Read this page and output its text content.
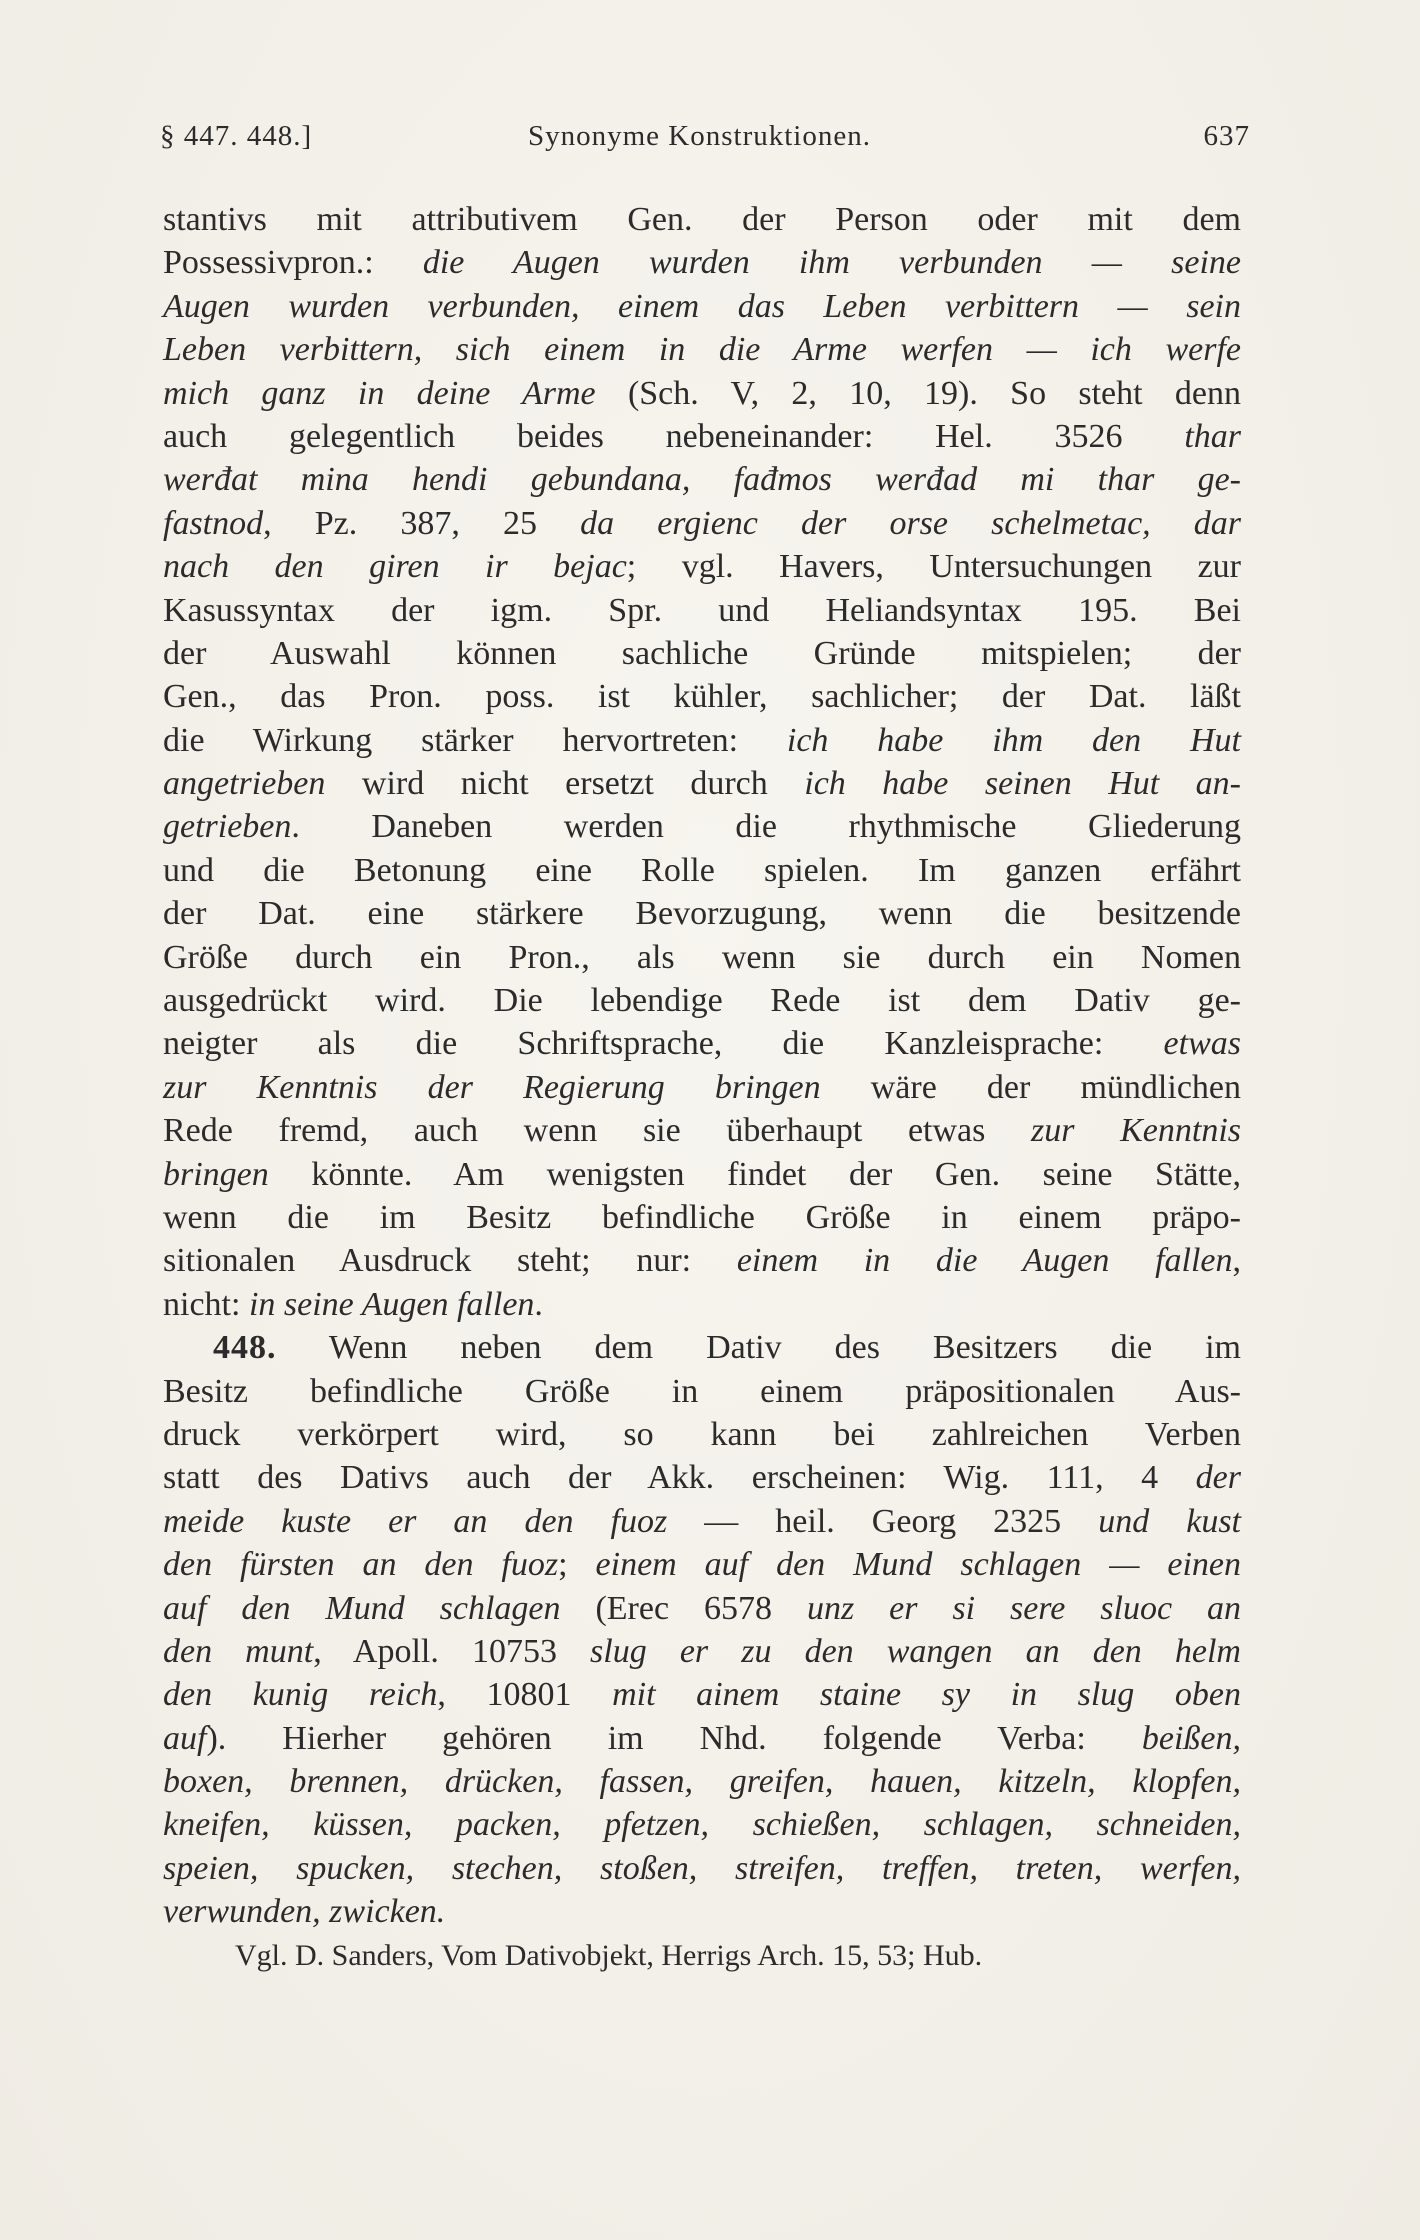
§ 447. 448.]	Synonyme Konstruktionen.	637
stantivs mit attributivem Gen. der Person oder mit dem
Possessivpron.: die Augen wurden ihm verbunden — seine
Augen wurden verbunden, einem das Leben verbittern — sein
Leben verbittern, sich einem in die Arme werfen — ich werfe
mich ganz in deine Arme (Sch. V, 2, 10, 19). So steht denn
auch gelegentlich beides nebeneinander: Hel. 3526 thar
werđat mina hendi gebundana, fađmos werđad mi thar ge-
fastnod, Pz. 387, 25 da ergienc der orse schelmetac, dar
nach den giren ir bejac; vgl. Havers, Untersuchungen zur
Kasussyntax der igm. Spr. und Heliandsyntax 195. Bei
der Auswahl können sachliche Gründe mitspielen; der
Gen., das Pron. poss. ist kühler, sachlicher; der Dat. läßt
die Wirkung stärker hervortreten: ich habe ihm den Hut
angetrieben wird nicht ersetzt durch ich habe seinen Hut an-
getrieben. Daneben werden die rhythmische Gliederung
und die Betonung eine Rolle spielen. Im ganzen erfährt
der Dat. eine stärkere Bevorzugung, wenn die besitzende
Größe durch ein Pron., als wenn sie durch ein Nomen
ausgedrückt wird. Die lebendige Rede ist dem Dativ ge-
neigter als die Schriftsprache, die Kanzleisprache: etwas
zur Kenntnis der Regierung bringen wäre der mündlichen
Rede fremd, auch wenn sie überhaupt etwas zur Kenntnis
bringen könnte. Am wenigsten findet der Gen. seine Stätte,
wenn die im Besitz befindliche Größe in einem präpo-
sitionalen Ausdruck steht; nur: einem in die Augen fallen,
nicht: in seine Augen fallen.
448. Wenn neben dem Dativ des Besitzers die im
Besitz befindliche Größe in einem präpositionalen Aus-
druck verkörpert wird, so kann bei zahlreichen Verben
statt des Dativs auch der Akk. erscheinen: Wig. 111, 4 der
meide kuste er an den fuoz — heil. Georg 2325 und kust
den fürsten an den fuoz; einem auf den Mund schlagen — einen
auf den Mund schlagen (Erec 6578 unz er si sere sluoc an
den munt, Apoll. 10753 slug er zu den wangen an den helm
den kunig reich, 10801 mit ainem staine sy in slug oben
auf). Hierher gehören im Nhd. folgende Verba: beißen,
boxen, brennen, drücken, fassen, greifen, hauen, kitzeln, klopfen,
kneifen, küssen, packen, pfetzen, schießen, schlagen, schneiden,
speien, spucken, stechen, stoßen, streifen, treffen, treten, werfen,
verwunden, zwicken.
Vgl. D. Sanders, Vom Dativobjekt, Herrigs Arch. 15, 53; Hub.
